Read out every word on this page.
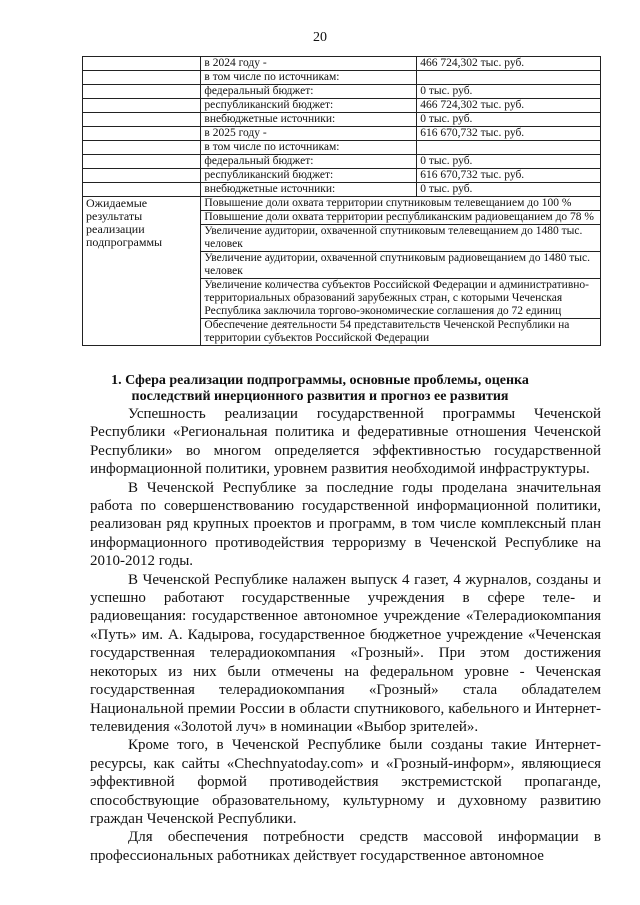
20
	в 2024 году -	466 724,302 тыс. руб.
	в том числе по источникам:	
	федеральный бюджет:	0 тыс. руб.
	республиканский бюджет:	466 724,302 тыс. руб.
	внебюджетные источники:	0 тыс. руб.
	в 2025 году -	616 670,732 тыс. руб.
	в том числе по источникам:	
	федеральный бюджет:	0 тыс. руб.
	республиканский бюджет:	616 670,732 тыс. руб.
	внебюджетные источники:	0 тыс. руб.
Ожидаемые результаты реализации подпрограммы	Повышение доли охвата территории спутниковым телевещанием до 100 %	
	Повышение доли охвата территории республиканским радиовещанием до 78 %	
	Увеличение аудитории, охваченной спутниковым телевещанием до 1480 тыс. человек	
	Увеличение аудитории, охваченной спутниковым радиовещанием до 1480 тыс. человек	
	Увеличение количества субъектов Российской Федерации и административно-территориальных образований зарубежных стран, с которыми Чеченская Республика заключила торгово-экономические соглашения до 72 единиц	
	Обеспечение деятельности 54 представительств Чеченской Республики на территории субъектов Российской Федерации	
1. Сфера реализации подпрограммы, основные проблемы, оценка последствий инерционного развития и прогноз ее развития

Успешность реализации государственной программы Чеченской Республики «Региональная политика и федеративные отношения Чеченской Республики» во многом определяется эффективностью государственной информационной политики, уровнем развития необходимой инфраструктуры.

В Чеченской Республике за последние годы проделана значительная работа по совершенствованию государственной информационной политики, реализован ряд крупных проектов и программ, в том числе комплексный план информационного противодействия терроризму в Чеченской Республике на 2010-2012 годы.

В Чеченской Республике налажен выпуск 4 газет, 4 журналов, созданы и успешно работают государственные учреждения в сфере теле- и радиовещания: государственное автономное учреждение «Телерадиокомпания «Путь» им. А. Кадырова, государственное бюджетное учреждение «Чеченская государственная телерадиокомпания «Грозный». При этом достижения некоторых из них были отмечены на федеральном уровне - Чеченская государственная телерадиокомпания «Грозный» стала обладателем Национальной премии России в области спутникового, кабельного и Интернет-телевидения «Золотой луч» в номинации «Выбор зрителей».

Кроме того, в Чеченской Республике были созданы такие Интернет-ресурсы, как сайты «Chechnyatoday.com» и «Грозный-информ», являющиеся эффективной формой противодействия экстремистской пропаганде, способствующие образовательному, культурному и духовному развитию граждан Чеченской Республики.

Для обеспечения потребности средств массовой информации в профессиональных работниках действует государственное автономное
